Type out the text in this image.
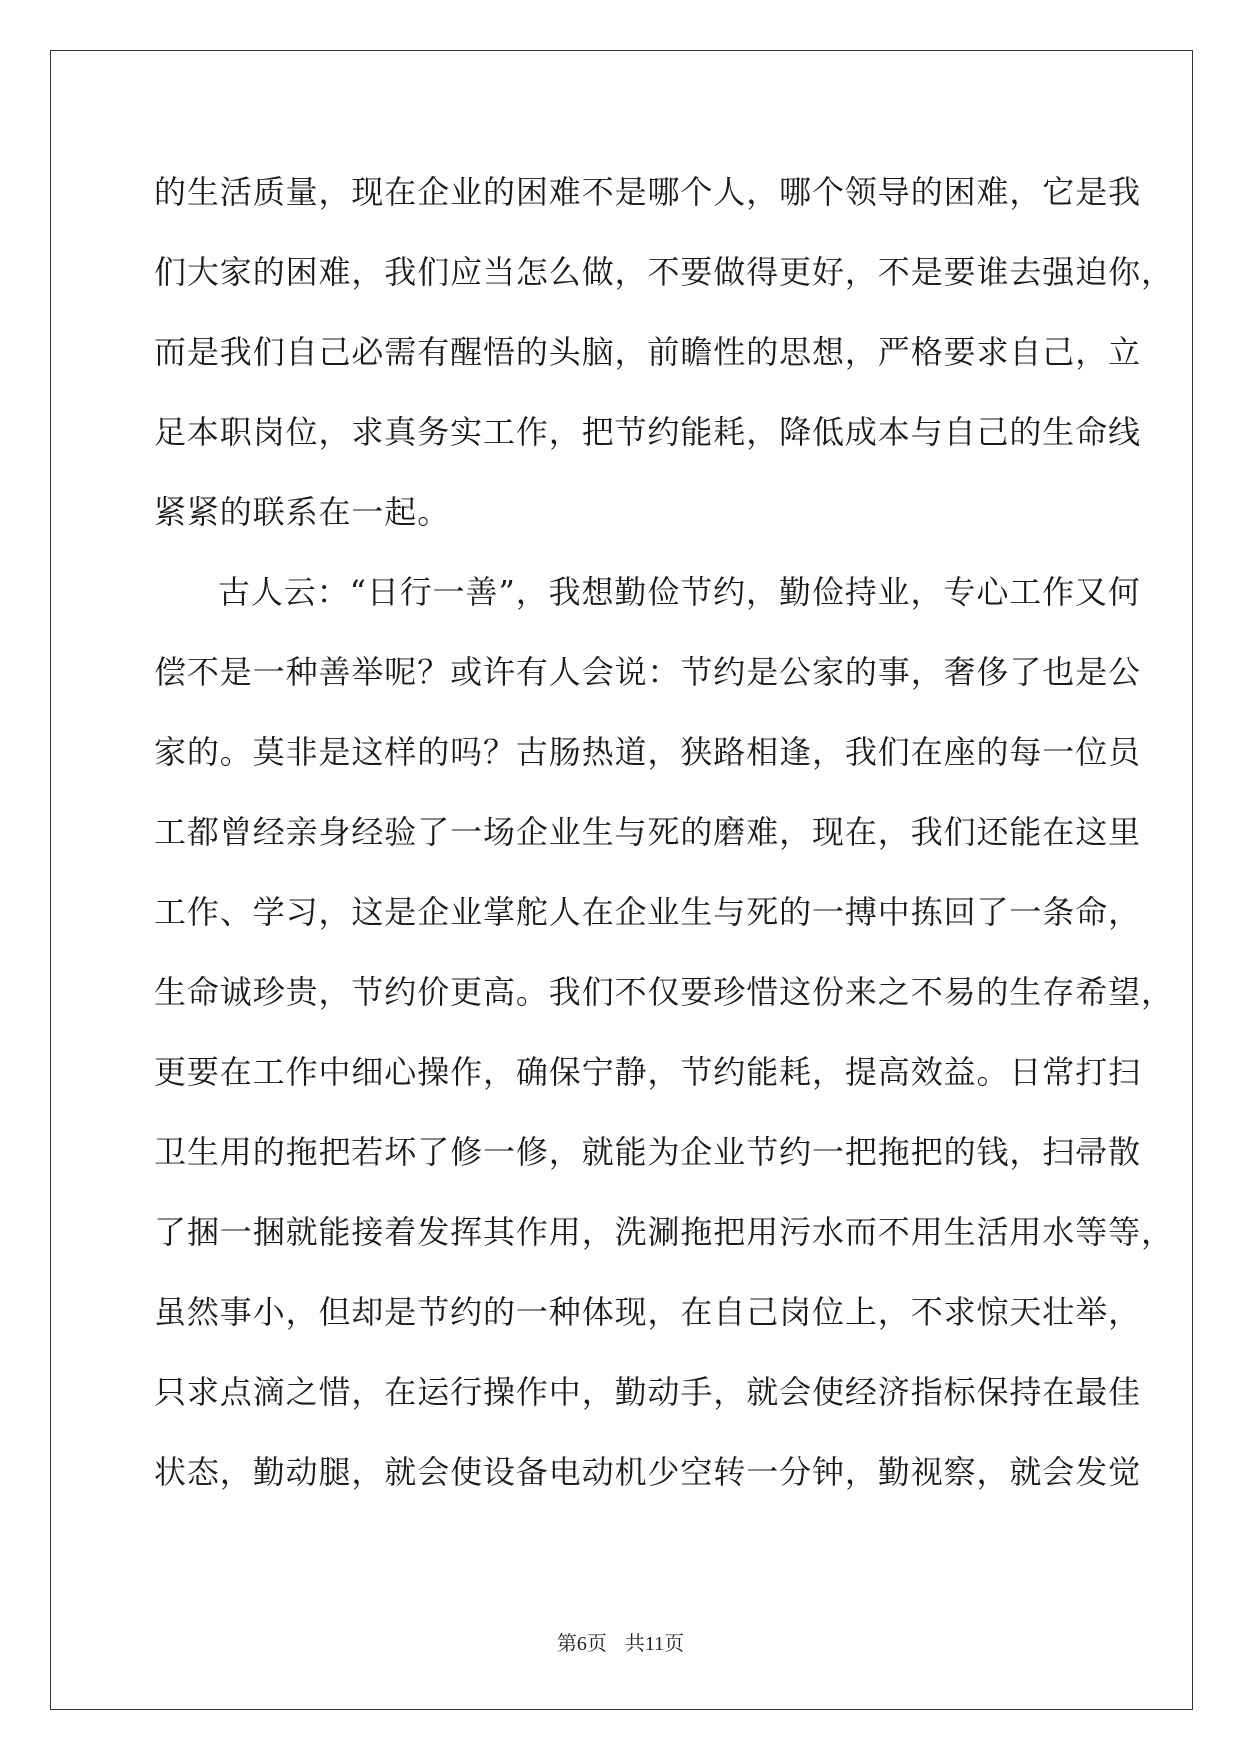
的生活质量，现在企业的困难不是哪个人，哪个领导的困难，它是我
们大家的困难，我们应当怎么做，不要做得更好，不是要谁去强迫你，
而是我们自己必需有醒悟的头脑，前瞻性的思想，严格要求自己，立
足本职岗位，求真务实工作，把节约能耗，降低成本与自己的生命线
紧紧的联系在一起。
古人云：“日行一善”，我想勤俭节约，勤俭持业，专心工作又何
偿不是一种善举呢？或许有人会说：节约是公家的事，奢侈了也是公
家的。莫非是这样的吗？古肠热道，狭路相逢，我们在座的每一位员
工都曾经亲身经验了一场企业生与死的磨难，现在，我们还能在这里
工作、学习，这是企业掌舵人在企业生与死的一搏中拣回了一条命，
生命诚珍贵，节约价更高。我们不仅要珍惜这份来之不易的生存希望，
更要在工作中细心操作，确保宁静，节约能耗，提高效益。日常打扫
卫生用的拖把若坏了修一修，就能为企业节约一把拖把的钱，扫帚散
了捆一捆就能接着发挥其作用，洗涮拖把用污水而不用生活用水等等，
虽然事小，但却是节约的一种体现，在自己岗位上，不求惊天壮举，
只求点滴之惜，在运行操作中，勤动手，就会使经济指标保持在最佳
状态，勤动腿，就会使设备电动机少空转一分钟，勤视察，就会发觉
第6页 共11页
